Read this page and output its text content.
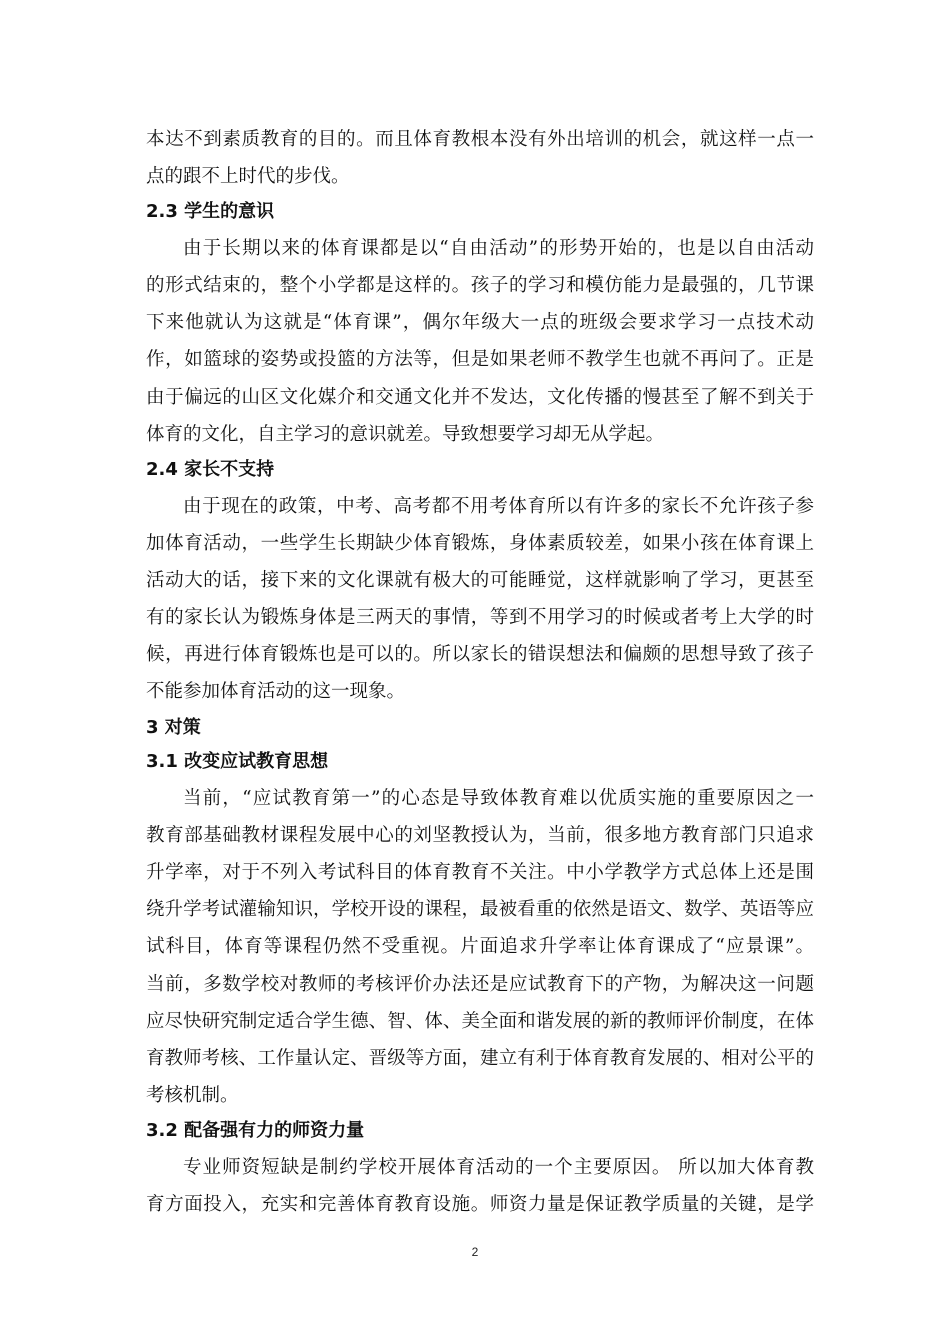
本达不到素质教育的目的。而且体育教根本没有外出培训的机会，就这样一点一
点的跟不上时代的步伐。
2.3 学生的意识
由于长期以来的体育课都是以“自由活动”的形势开始的，也是以自由活动
的形式结束的，整个小学都是这样的。孩子的学习和模仿能力是最强的，几节课
下来他就认为这就是“体育课”，偶尔年级大一点的班级会要求学习一点技术动
作，如篮球的姿势或投篮的方法等，但是如果老师不教学生也就不再问了。正是
由于偏远的山区文化媒介和交通文化并不发达，文化传播的慢甚至了解不到关于
体育的文化，自主学习的意识就差。导致想要学习却无从学起。
2.4 家长不支持
由于现在的政策，中考、高考都不用考体育所以有许多的家长不允许孩子参
加体育活动，一些学生长期缺少体育锻炼，身体素质较差，如果小孩在体育课上
活动大的话，接下来的文化课就有极大的可能睡觉，这样就影响了学习，更甚至
有的家长认为锻炼身体是三两天的事情，等到不用学习的时候或者考上大学的时
候，再进行体育锻炼也是可以的。所以家长的错误想法和偏颇的思想导致了孩子
不能参加体育活动的这一现象。
3 对策
3.1 改变应试教育思想
当前，“应试教育第一”的心态是导致体教育难以优质实施的重要原因之一
教育部基础教材课程发展中心的刘坚教授认为，当前，很多地方教育部门只追求
升学率，对于不列入考试科目的体育教育不关注。中小学教学方式总体上还是围
绕升学考试灌输知识，学校开设的课程，最被看重的依然是语文、数学、英语等应
试科目，体育等课程仍然不受重视。片面追求升学率让体育课成了“应景课”。
当前，多数学校对教师的考核评价办法还是应试教育下的产物，为解决这一问题
应尽快研究制定适合学生德、智、体、美全面和谐发展的新的教师评价制度，在体
育教师考核、工作量认定、晋级等方面，建立有利于体育教育发展的、相对公平的
考核机制。
3.2 配备强有力的师资力量
专业师资短缺是制约学校开展体育活动的一个主要原因。 所以加大体育教
育方面投入，充实和完善体育教育设施。师资力量是保证教学质量的关键，是学
2
